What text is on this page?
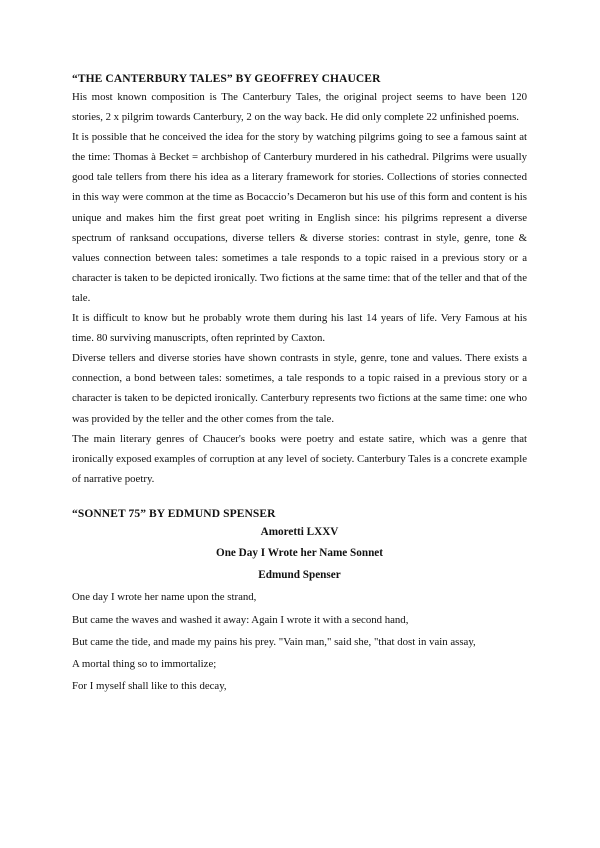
“THE CANTERBURY TALES” BY GEOFFREY CHAUCER

His most known composition is The Canterbury Tales, the original project seems to have been 120 stories, 2 x pilgrim towards Canterbury, 2 on the way back. He did only complete 22 unfinished poems.

It is possible that he conceived the idea for the story by watching pilgrims going to see a famous saint at the time: Thomas à Becket = archbishop of Canterbury murdered in his cathedral. Pilgrims were usually good tale tellers from there his idea as a literary framework for stories. Collections of stories connected in this way were common at the time as Bocaccio’s Decameron but his use of this form and content is his unique and makes him the first great poet writing in English since: his pilgrims represent a diverse spectrum of ranksand occupations, diverse tellers & diverse stories: contrast in style, genre, tone & values connection between tales: sometimes a tale responds to a topic raised in a previous story or a character is taken to be depicted ironically. Two fictions at the same time: that of the teller and that of the tale.

It is difficult to know but he probably wrote them during his last 14 years of life. Very Famous at his time. 80 surviving manuscripts, often reprinted by Caxton.

Diverse tellers and diverse stories have shown contrasts in style, genre, tone and values. There exists a connection, a bond between tales: sometimes, a tale responds to a topic raised in a previous story or a character is taken to be depicted ironically. Canterbury represents two fictions at the same time: one who was provided by the teller and the other comes from the tale.

The main literary genres of Chaucer's books were poetry and estate satire, which was a genre that ironically exposed examples of corruption at any level of society. Canterbury Tales is a concrete example of narrative poetry.

“SONNET 75” BY EDMUND SPENSER

Amoretti LXXV

One Day I Wrote her Name Sonnet

Edmund Spenser

One day I wrote her name upon the strand,

But came the waves and washed it away: Again I wrote it with a second hand,

But came the tide, and made my pains his prey. "Vain man," said she, "that dost in vain assay,

A mortal thing so to immortalize;

For I myself shall like to this decay,
